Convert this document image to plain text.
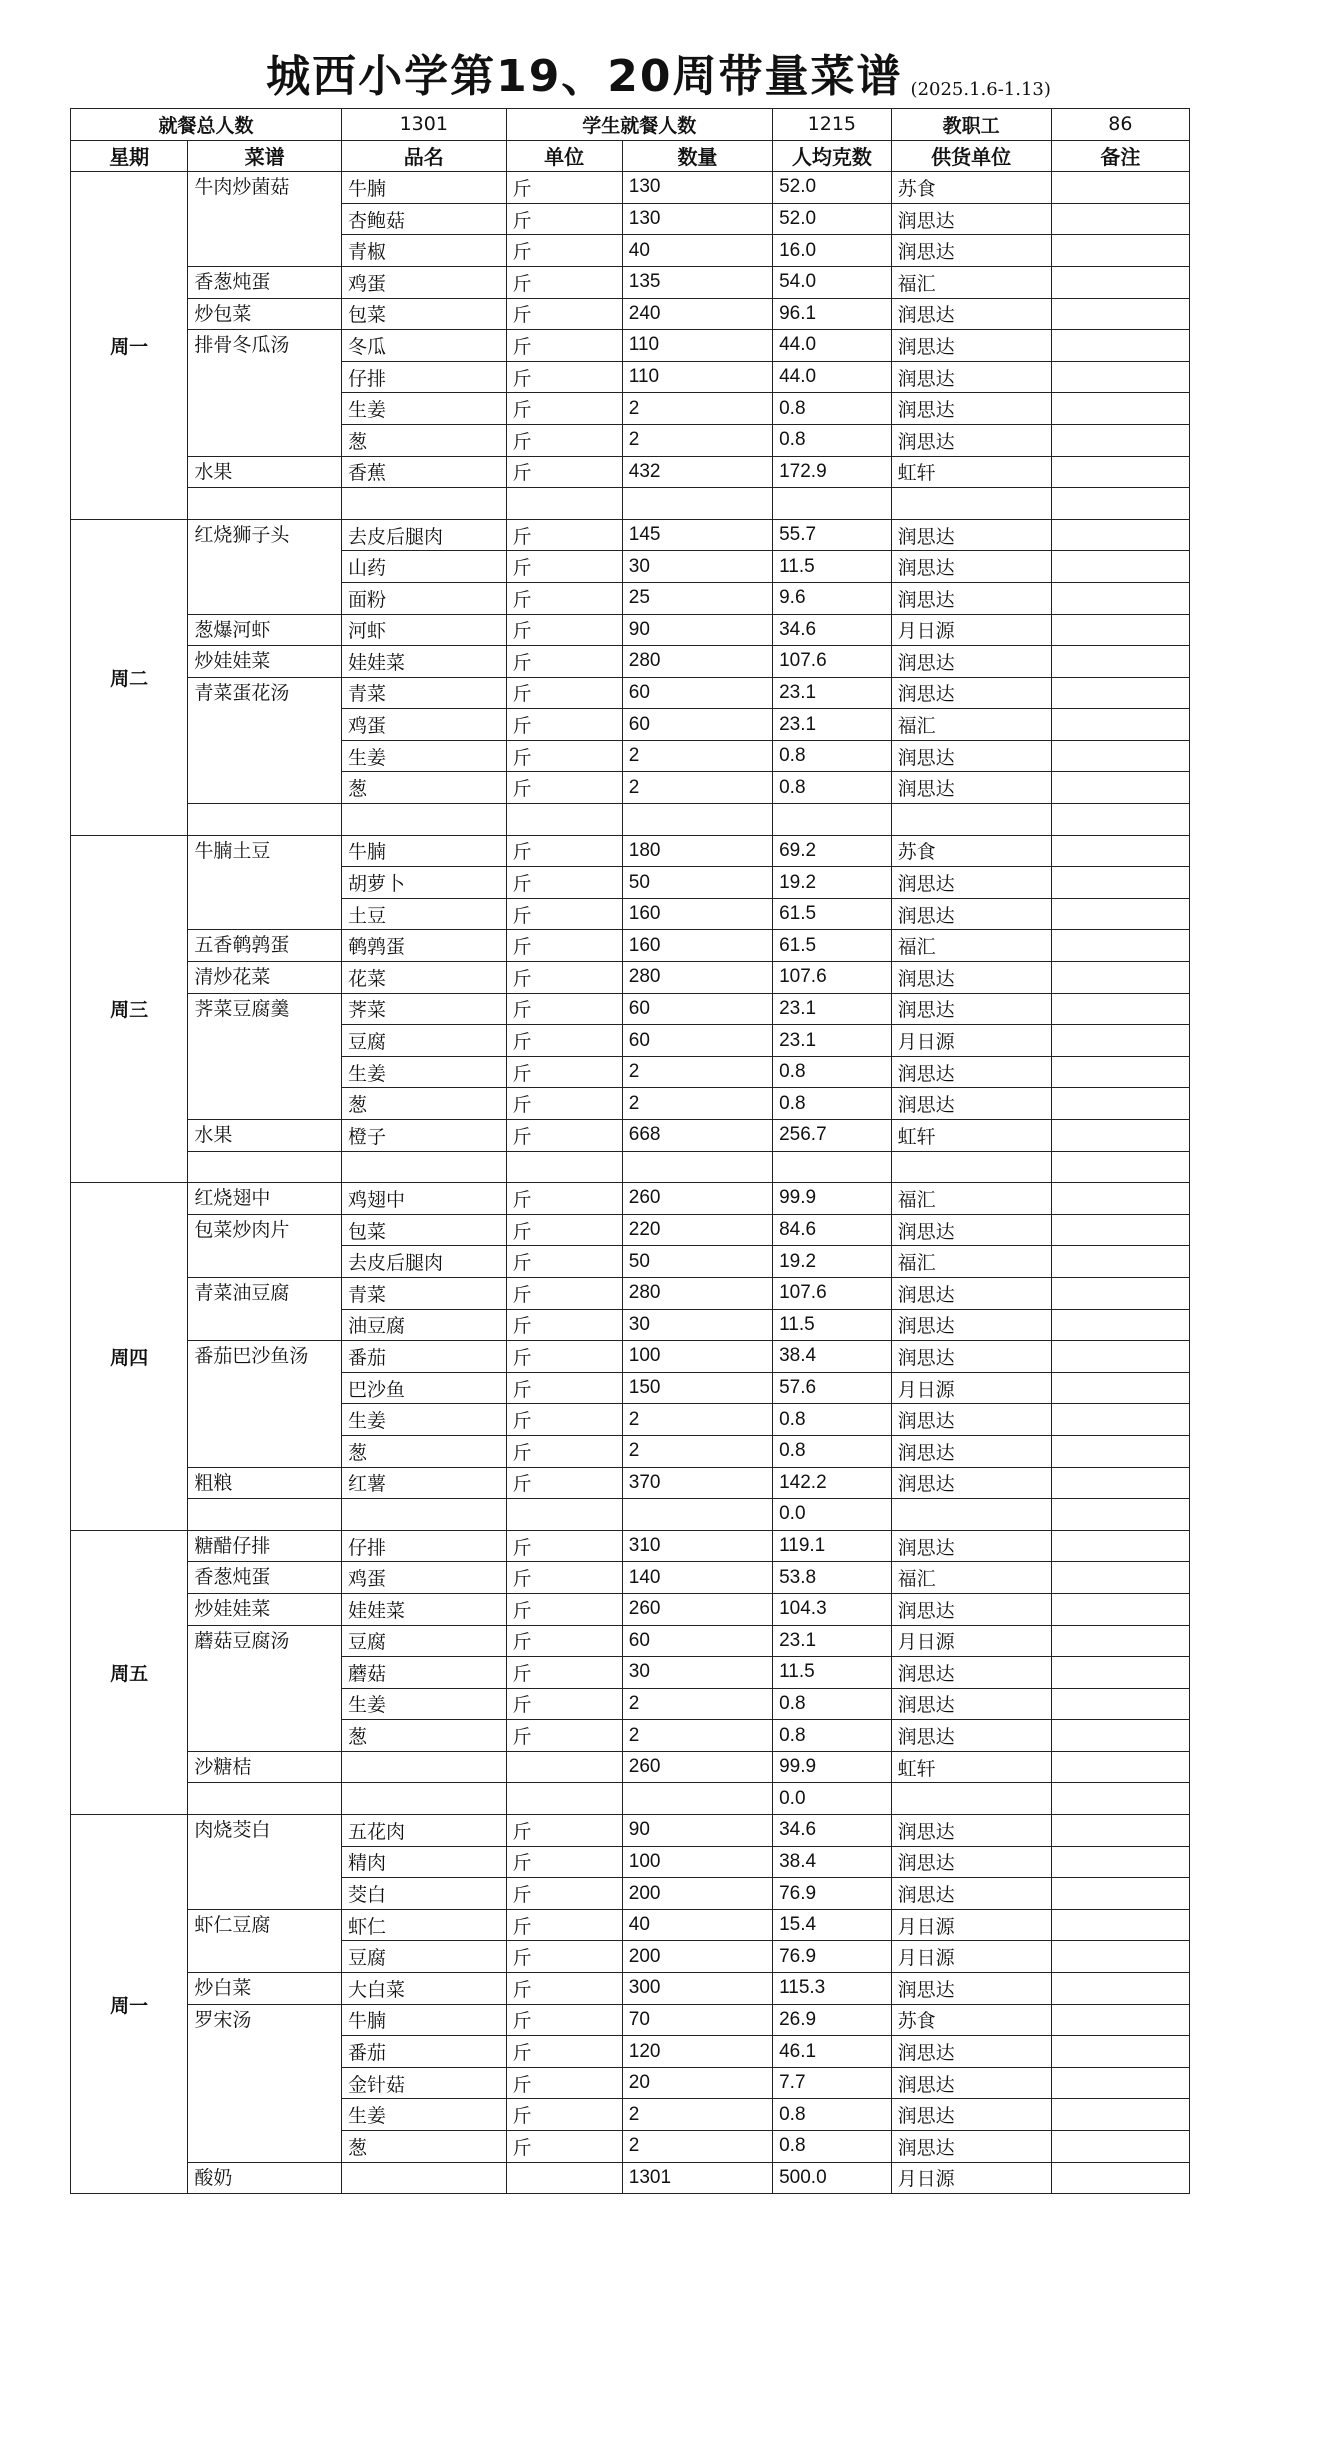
城西小学第19、20周带量菜谱 (2025.1.6-1.13)
就餐总人数		1301	学生就餐人数		1215	教职工	86
星期	菜谱	品名	单位	数量	人均克数	供货单位	备注
周一	牛肉炒菌菇	牛腩	斤	130	52.0	苏食	
		杏鲍菇	斤	130	52.0	润思达	
		青椒	斤	40	16.0	润思达	
	香葱炖蛋	鸡蛋	斤	135	54.0	福汇	
	炒包菜	包菜	斤	240	96.1	润思达	
	排骨冬瓜汤	冬瓜	斤	110	44.0	润思达	
		仔排	斤	110	44.0	润思达	
		生姜	斤	2	0.8	润思达	
		葱	斤	2	0.8	润思达	
	水果	香蕉	斤	432	172.9	虹轩	

周二	红烧狮子头	去皮后腿肉	斤	145	55.7	润思达	
		山药	斤	30	11.5	润思达	
		面粉	斤	25	9.6	润思达	
	葱爆河虾	河虾	斤	90	34.6	月日源	
	炒娃娃菜	娃娃菜	斤	280	107.6	润思达	
	青菜蛋花汤	青菜	斤	60	23.1	润思达	
		鸡蛋	斤	60	23.1	福汇	
		生姜	斤	2	0.8	润思达	
		葱	斤	2	0.8	润思达	

周三	牛腩土豆	牛腩	斤	180	69.2	苏食	
		胡萝卜	斤	50	19.2	润思达	
		土豆	斤	160	61.5	润思达	
	五香鹌鹑蛋	鹌鹑蛋	斤	160	61.5	福汇	
	清炒花菜	花菜	斤	280	107.6	润思达	
	荠菜豆腐羹	荠菜	斤	60	23.1	润思达	
		豆腐	斤	60	23.1	月日源	
		生姜	斤	2	0.8	润思达	
		葱	斤	2	0.8	润思达	
	水果	橙子	斤	668	256.7	虹轩	

周四	红烧翅中	鸡翅中	斤	260	99.9	福汇	
	包菜炒肉片	包菜	斤	220	84.6	润思达	
		去皮后腿肉	斤	50	19.2	福汇	
	青菜油豆腐	青菜	斤	280	107.6	润思达	
		油豆腐	斤	30	11.5	润思达	
	番茄巴沙鱼汤	番茄	斤	100	38.4	润思达	
		巴沙鱼	斤	150	57.6	月日源	
		生姜	斤	2	0.8	润思达	
		葱	斤	2	0.8	润思达	
	粗粮	红薯	斤	370	142.2	润思达	
					0.0		
周五	糖醋仔排	仔排	斤	310	119.1	润思达	
	香葱炖蛋	鸡蛋	斤	140	53.8	福汇	
	炒娃娃菜	娃娃菜	斤	260	104.3	润思达	
	蘑菇豆腐汤	豆腐	斤	60	23.1	月日源	
		蘑菇	斤	30	11.5	润思达	
		生姜	斤	2	0.8	润思达	
		葱	斤	2	0.8	润思达	
	沙糖桔			260	99.9	虹轩	
					0.0		
周一	肉烧茭白	五花肉	斤	90	34.6	润思达	
		精肉	斤	100	38.4	润思达	
		茭白	斤	200	76.9	润思达	
	虾仁豆腐	虾仁	斤	40	15.4	月日源	
		豆腐	斤	200	76.9	月日源	
	炒白菜	大白菜	斤	300	115.3	润思达	
	罗宋汤	牛腩	斤	70	26.9	苏食	
		番茄	斤	120	46.1	润思达	
		金针菇	斤	20	7.7	润思达	
		生姜	斤	2	0.8	润思达	
		葱	斤	2	0.8	润思达	
	酸奶			1301	500.0	月日源	
